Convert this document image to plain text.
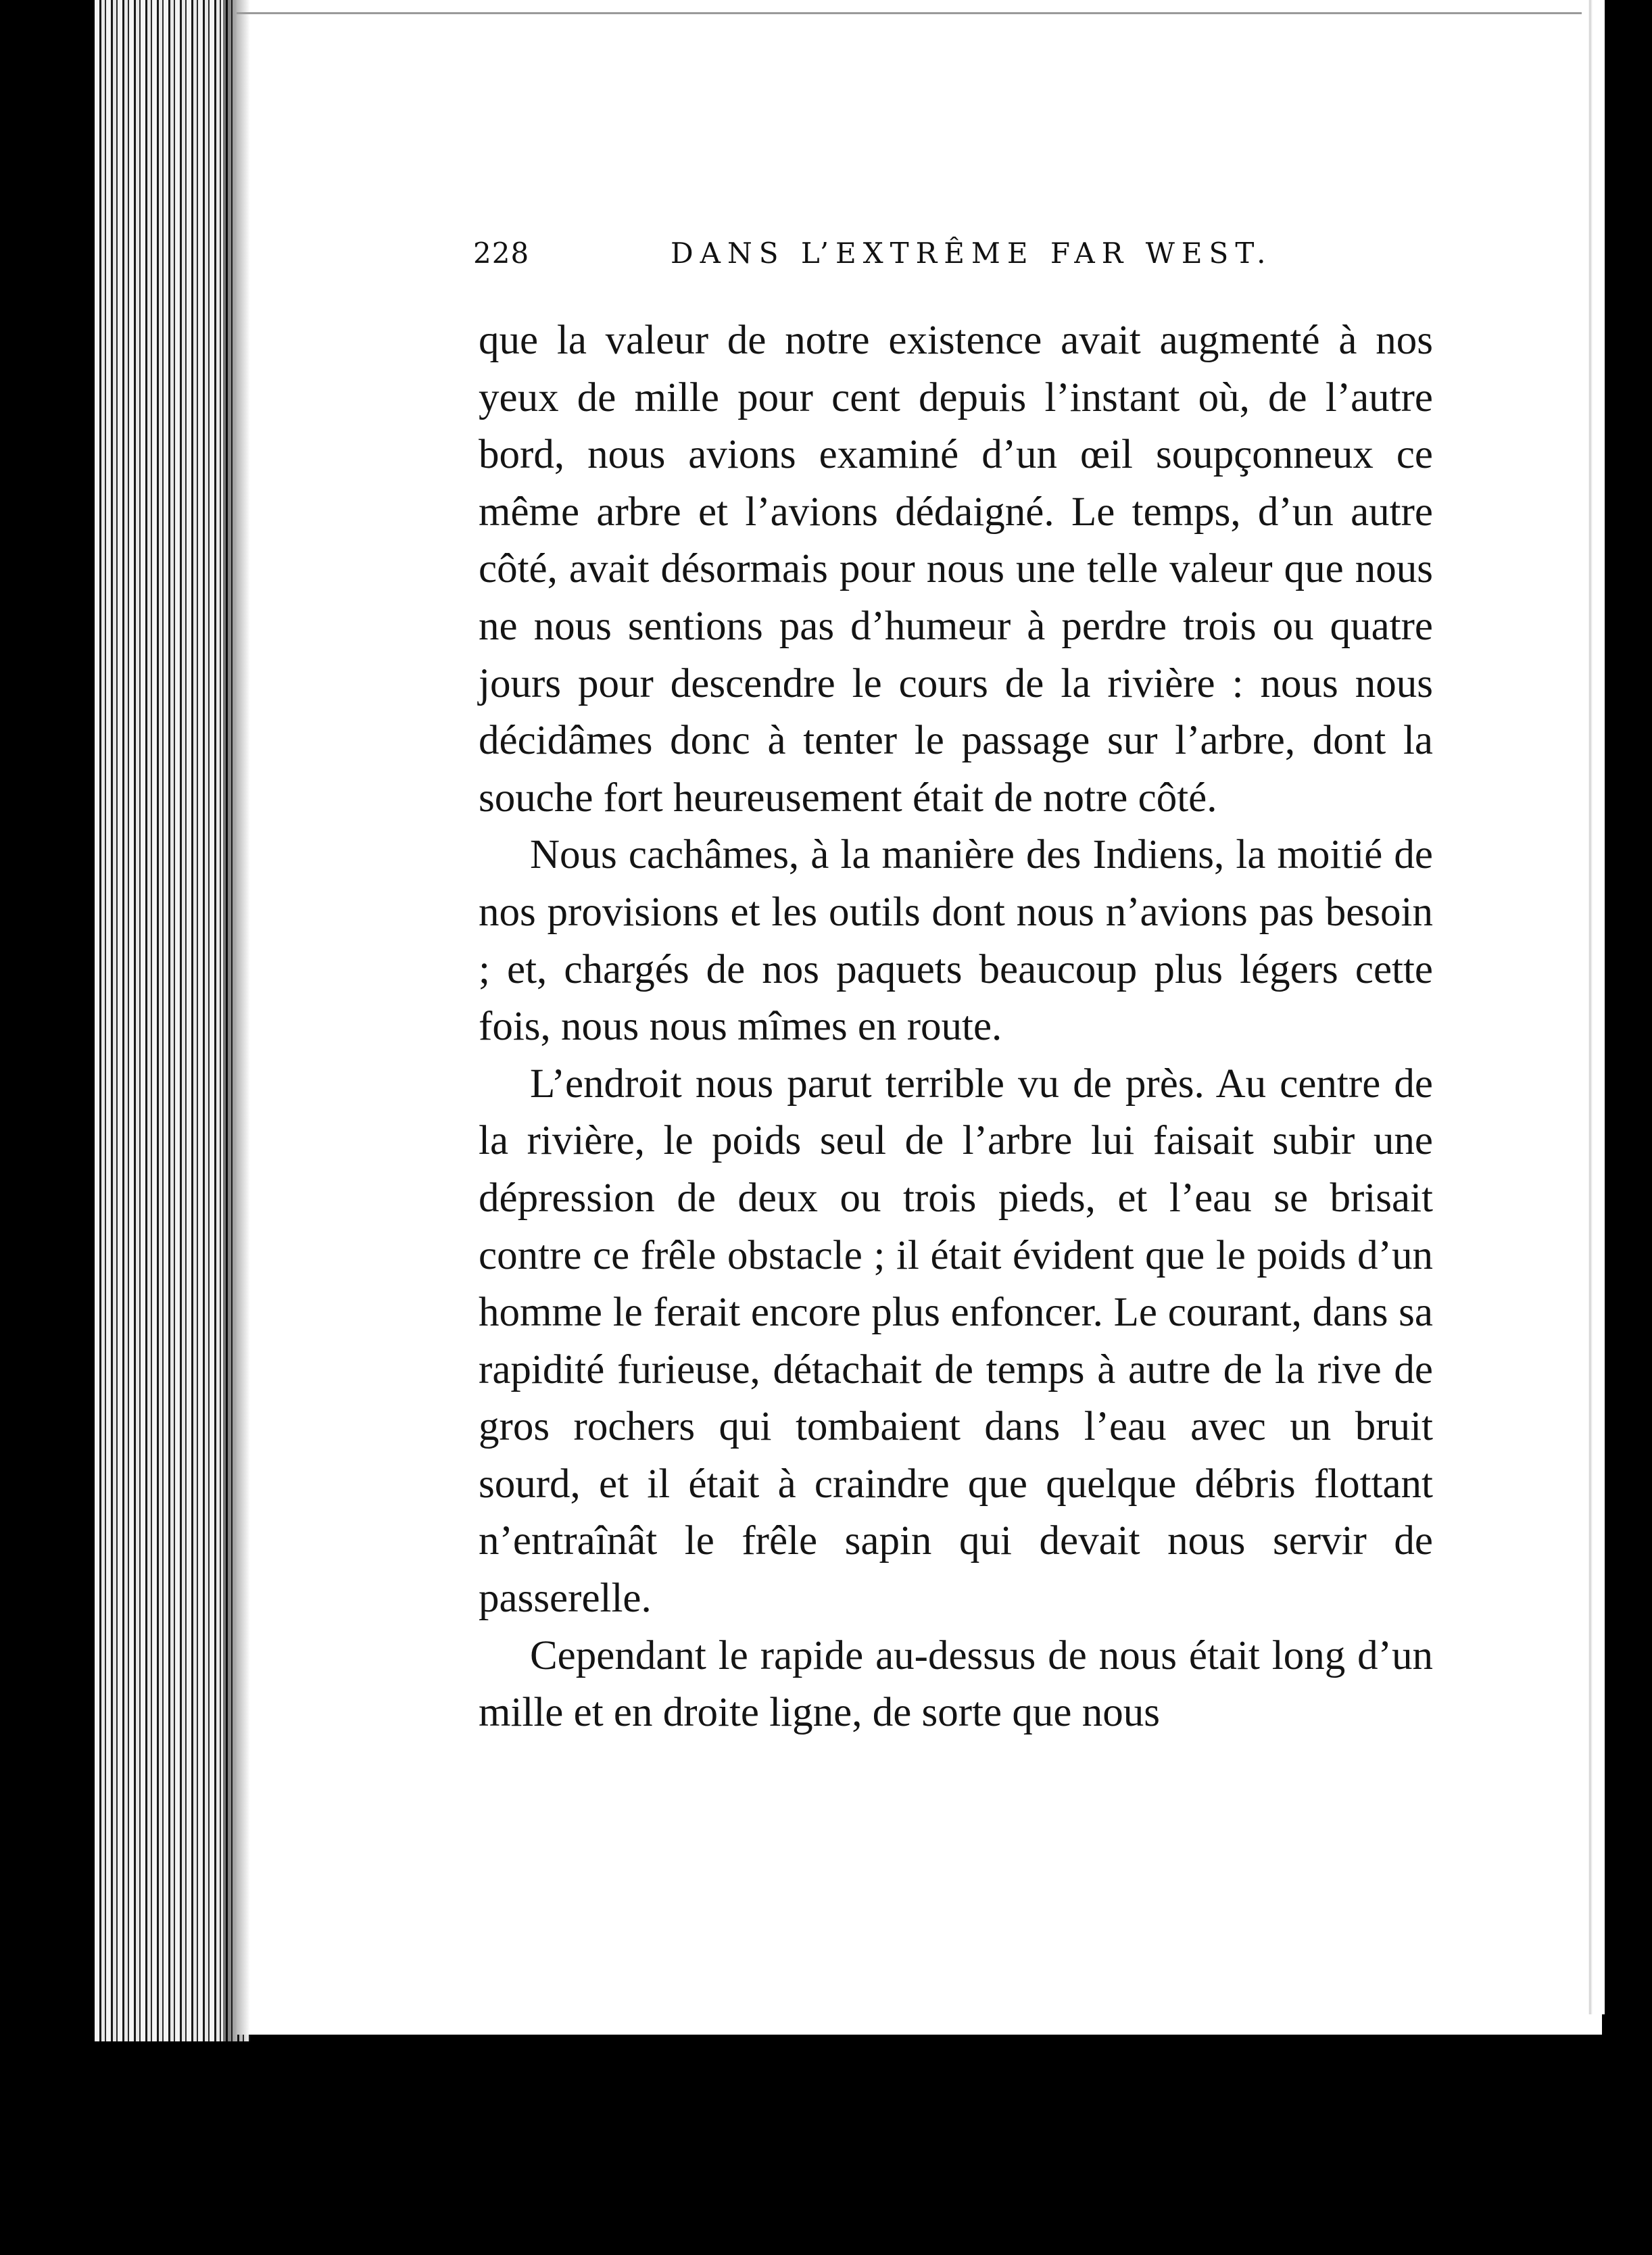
228	DANS L’EXTRÊME FAR WEST.

que la valeur de notre existence avait augmenté à nos yeux de mille pour cent depuis l’instant où, de l’autre bord, nous avions examiné d’un œil soupçonneux ce même arbre et l’avions dédaigné. Le temps, d’un autre côté, avait désormais pour nous une telle valeur que nous ne nous sentions pas d’humeur à perdre trois ou quatre jours pour descendre le cours de la rivière : nous nous décidâmes donc à tenter le passage sur l’arbre, dont la souche fort heureusement était de notre côté.

Nous cachâmes, à la manière des Indiens, la moitié de nos provisions et les outils dont nous n’avions pas besoin ; et, chargés de nos paquets beaucoup plus légers cette fois, nous nous mîmes en route.

L’endroit nous parut terrible vu de près. Au centre de la rivière, le poids seul de l’arbre lui faisait subir une dépression de deux ou trois pieds, et l’eau se brisait contre ce frêle obstacle ; il était évident que le poids d’un homme le ferait encore plus enfoncer. Le courant, dans sa rapidité furieuse, détachait de temps à autre de la rive de gros rochers qui tombaient dans l’eau avec un bruit sourd, et il était à craindre que quelque débris flottant n’entraînât le frêle sapin qui devait nous servir de passerelle.

Cependant le rapide au-dessus de nous était long d’un mille et en droite ligne, de sorte que nous
